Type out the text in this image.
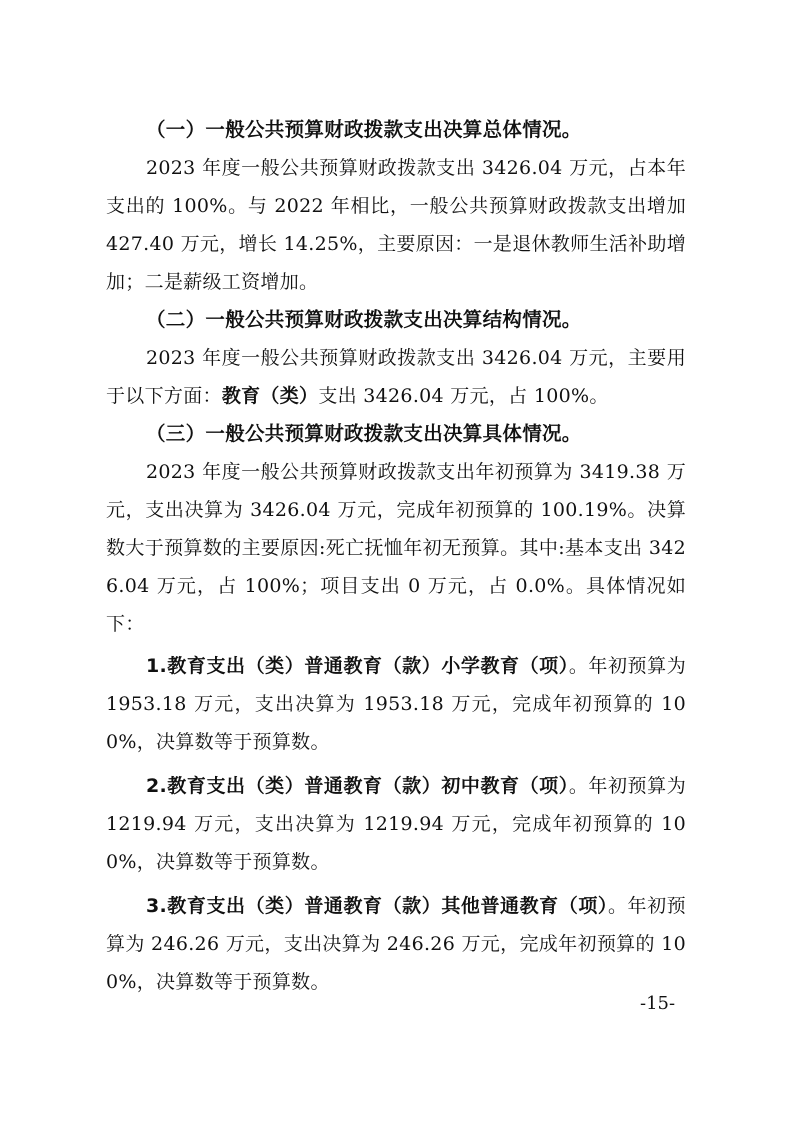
（一）一般公共预算财政拨款支出决算总体情况。

2023 年度一般公共预算财政拨款支出 3426.04 万元，占本年支出的 100%。与 2022 年相比，一般公共预算财政拨款支出增加 427.40 万元，增长 14.25%，主要原因：一是退休教师生活补助增加；二是薪级工资增加。

（二）一般公共预算财政拨款支出决算结构情况。

2023 年度一般公共预算财政拨款支出 3426.04 万元，主要用于以下方面：教育（类）支出 3426.04 万元，占 100%。

（三）一般公共预算财政拨款支出决算具体情况。

2023 年度一般公共预算财政拨款支出年初预算为 3419.38 万元，支出决算为 3426.04 万元，完成年初预算的 100.19%。决算数大于预算数的主要原因:死亡抚恤年初无预算。其中:基本支出 3426.04 万元，占 100%；项目支出 0 万元，占 0.0%。具体情况如下：

1.教育支出（类）普通教育（款）小学教育（项）。年初预算为 1953.18 万元，支出决算为 1953.18 万元，完成年初预算的 100%，决算数等于预算数。

2.教育支出（类）普通教育（款）初中教育（项）。年初预算为 1219.94 万元，支出决算为 1219.94 万元，完成年初预算的 100%，决算数等于预算数。

3.教育支出（类）普通教育（款）其他普通教育（项）。年初预算为 246.26 万元，支出决算为 246.26 万元，完成年初预算的 100%，决算数等于预算数。

-15-
